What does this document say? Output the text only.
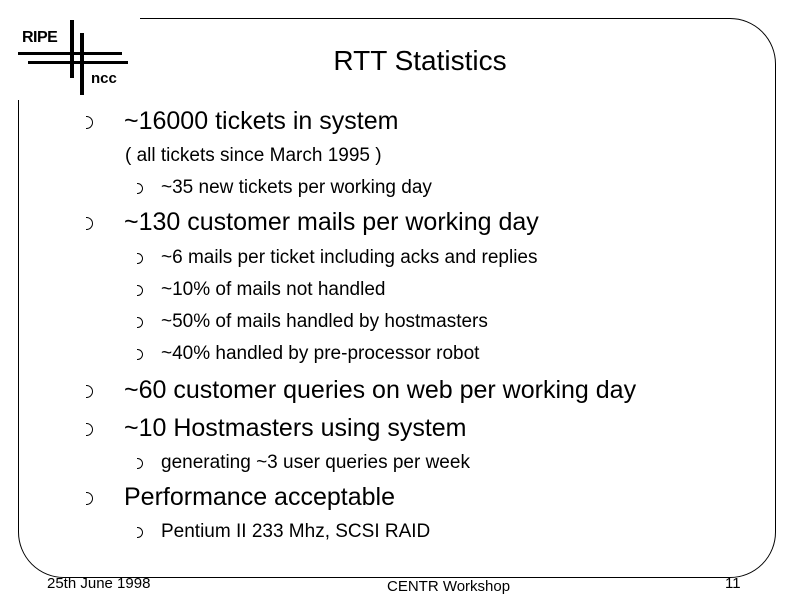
RIPE
ncc
RTT Statistics
~16000 tickets in system
( all tickets since March 1995 )
~35 new tickets per working day
~130 customer mails per working day
~6 mails per ticket including acks and replies
~10% of mails not handled
~50% of mails handled by hostmasters
~40% handled by pre-processor robot
~60 customer queries on web per working day
~10 Hostmasters using system
generating ~3 user queries per week
Performance acceptable
Pentium II 233 Mhz, SCSI RAID
25th June 1998	CENTR Workshop	11
